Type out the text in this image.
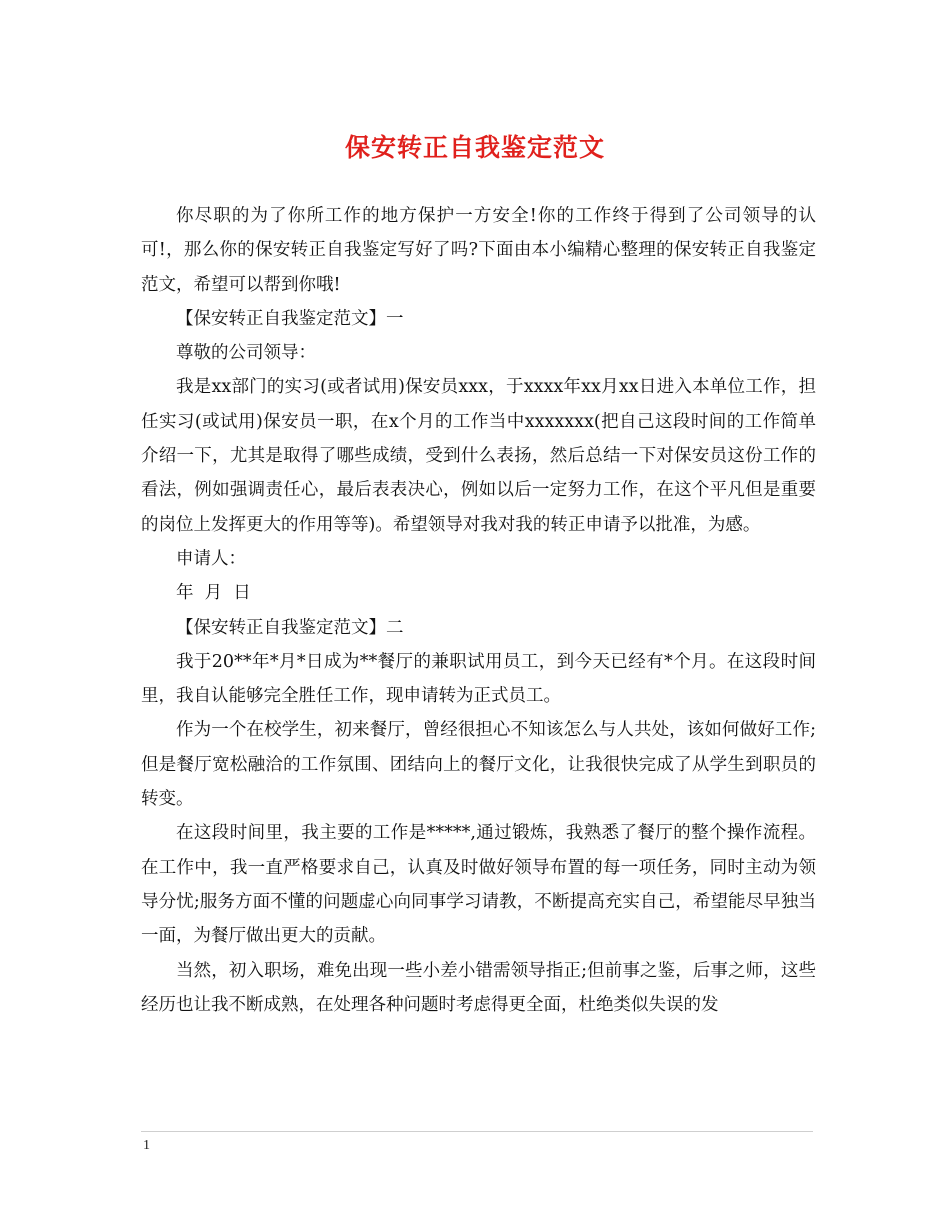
保安转正自我鉴定范文

你尽职的为了你所工作的地方保护一方安全!你的工作终于得到了公司领导的认可!，那么你的保安转正自我鉴定写好了吗?下面由本小编精心整理的保安转正自我鉴定范文，希望可以帮到你哦!

【保安转正自我鉴定范文】一

尊敬的公司领导：

我是xx部门的实习(或者试用)保安员xxx，于xxxx年xx月xx日进入本单位工作，担任实习(或试用)保安员一职，在x个月的工作当中xxxxxxx(把自己这段时间的工作简单介绍一下，尤其是取得了哪些成绩，受到什么表扬，然后总结一下对保安员这份工作的看法，例如强调责任心，最后表表决心，例如以后一定努力工作，在这个平凡但是重要的岗位上发挥更大的作用等等)。希望领导对我对我的转正申请予以批准，为感。

申请人：

年  月  日

【保安转正自我鉴定范文】二

我于20**年*月*日成为**餐厅的兼职试用员工，到今天已经有*个月。在这段时间里，我自认能够完全胜任工作，现申请转为正式员工。

作为一个在校学生，初来餐厅，曾经很担心不知该怎么与人共处，该如何做好工作;但是餐厅宽松融洽的工作氛围、团结向上的餐厅文化，让我很快完成了从学生到职员的转变。

在这段时间里，我主要的工作是*****,通过锻炼，我熟悉了餐厅的整个操作流程。在工作中，我一直严格要求自己，认真及时做好领导布置的每一项任务，同时主动为领导分忧;服务方面不懂的问题虚心向同事学习请教，不断提高充实自己，希望能尽早独当一面，为餐厅做出更大的贡献。

当然，初入职场，难免出现一些小差小错需领导指正;但前事之鉴，后事之师，这些经历也让我不断成熟，在处理各种问题时考虑得更全面，杜绝类似失误的发

1
